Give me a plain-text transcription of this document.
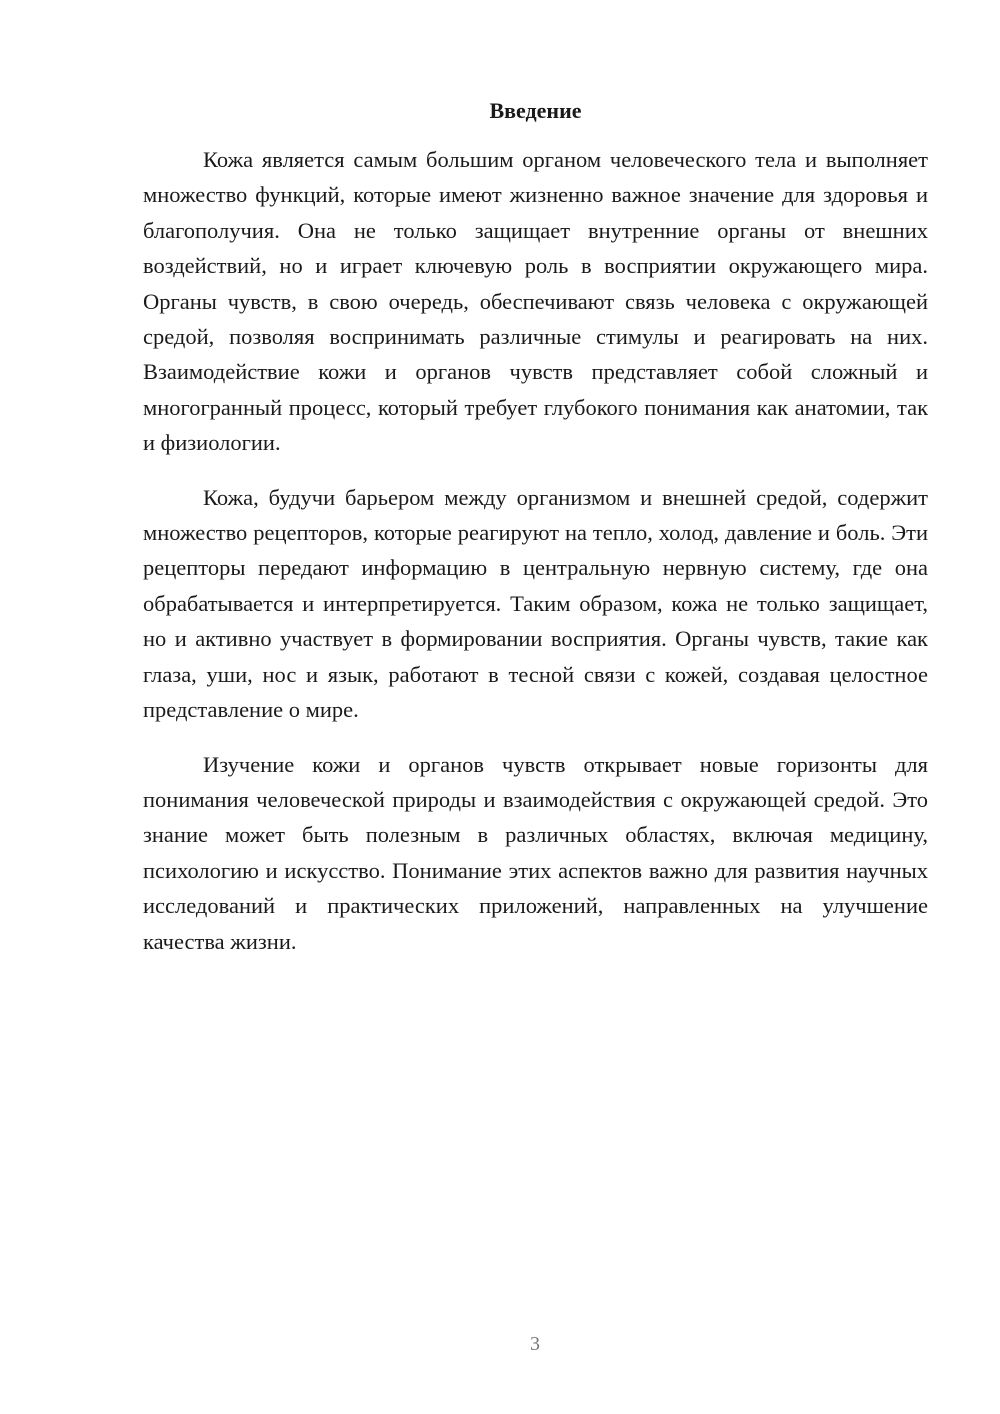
Введение

Кожа является самым большим органом человеческого тела и выполняет множество функций, которые имеют жизненно важное значение для здоровья и благополучия. Она не только защищает внутренние органы от внешних воздействий, но и играет ключевую роль в восприятии окружающего мира. Органы чувств, в свою очередь, обеспечивают связь человека с окружающей средой, позволяя воспринимать различные стимулы и реагировать на них. Взаимодействие кожи и органов чувств представляет собой сложный и многогранный процесс, который требует глубокого понимания как анатомии, так и физиологии.

Кожа, будучи барьером между организмом и внешней средой, содержит множество рецепторов, которые реагируют на тепло, холод, давление и боль. Эти рецепторы передают информацию в центральную нервную систему, где она обрабатывается и интерпретируется. Таким образом, кожа не только защищает, но и активно участвует в формировании восприятия. Органы чувств, такие как глаза, уши, нос и язык, работают в тесной связи с кожей, создавая целостное представление о мире.

Изучение кожи и органов чувств открывает новые горизонты для понимания человеческой природы и взаимодействия с окружающей средой. Это знание может быть полезным в различных областях, включая медицину, психологию и искусство. Понимание этих аспектов важно для развития научных исследований и практических приложений, направленных на улучшение качества жизни.

3
